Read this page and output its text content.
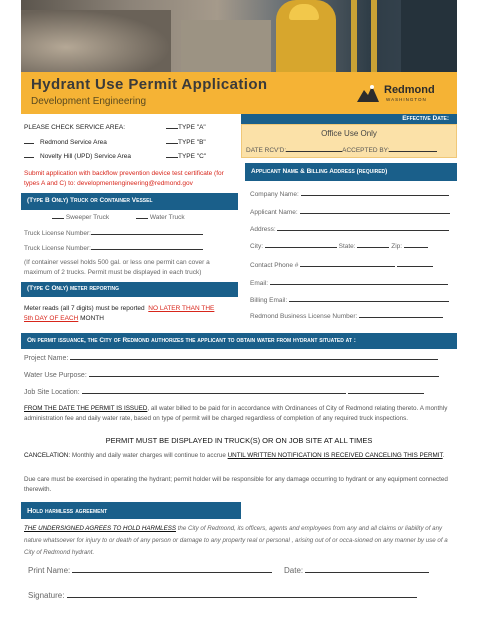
Hydrant Use Permit Application
Development Engineering
Redmond
WASHINGTON
Effective Date:
Office Use Only
DATE RCV'D:	ACCEPTED BY:
PLEASE CHECK SERVICE AREA:	TYPE "A"
Redmond Service Area	TYPE "B"
Novelty Hill (UPD) Service Area	TYPE "C"
Submit application with backflow prevention device test certificate (for types A and C) to: developmentengineering@redmond.gov
(Type B Only) Truck or Container Vessel
Sweeper Truck	Water Truck
Truck License Number:
Truck License Number:
(If container vessel holds 500 gal. or less one permit can cover a maximum of 2 trucks. Permit must be displayed in each truck)
(Type C Only) meter reporting
Meter reads (all 7 digits) must be reported NO LATER THAN THE
5th DAY OF EACH MONTH
Applicant Name & Billing Address (required)
Company Name:
Applicant Name:
Address:
City:	State:	Zip:
Contact Phone #
Email:
Billing Email:
Redmond Business License Number:
On permit issuance, the City of Redmond authorizes the applicant to obtain water from hydrant situated at :
Project Name:
Water Use Purpose:
Job Site Location:
FROM THE DATE THE PERMIT IS ISSUED, all water billed to be paid for in accordance with Ordinances of City of Redmond relating thereto. A monthly administration fee and daily water rate, based on type of permit will be charged regardless of completion of any required truck inspections.
PERMIT MUST BE DISPLAYED IN TRUCK(S) OR ON JOB SITE AT ALL TIMES
CANCELATION: Monthly and daily water charges will continue to accrue UNTIL WRITTEN NOTIFICATION IS RECEIVED CANCELING THIS PERMIT.
Due care must be exercised in operating the hydrant; permit holder will be responsible for any damage occurring to hydrant or any equipment connected therewith.
Hold harmless agreement
THE UNDERSIGNED AGREES TO HOLD HARMLESS the City of Redmond, its officers, agents and employees from any and all claims or liability of any nature whatsoever for injury to or death of any person or damage to any property real or personal , arising out of or occa-sioned on any manner by use of a City of Redmond hydrant.
Print Name:	Date:
Signature:
